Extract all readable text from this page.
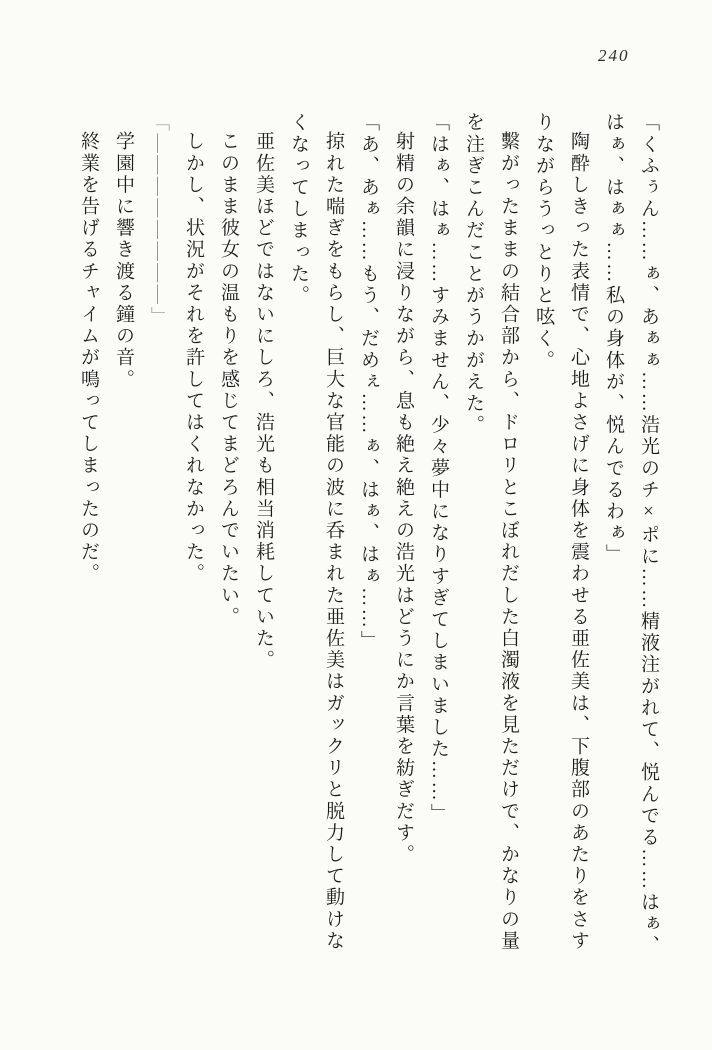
240

「くふぅん……ぁ、あぁぁ……浩光のチ×ポに……精液注がれて、悦んでる……はぁ、はぁ、はぁぁ……私の身体が、悦んでるわぁ」

陶酔しきった表情で、心地よさげに身体を震わせる亜佐美は、下腹部のあたりをさすりながらうっとりと呟く。

繫がったままの結合部から、ドロリとこぼれだした白濁液を見ただけで、かなりの量を注ぎこんだことがうかがえた。

「はぁ、はぁ……すみません、少々夢中になりすぎてしまいました……」

射精の余韻に浸りながら、息も絶え絶えの浩光はどうにか言葉を紡ぎだす。

「あ、あぁ……もう、だめぇ……ぁ、はぁ、はぁ……」

掠れた喘ぎをもらし、巨大な官能の波に呑まれた亜佐美はガックリと脱力して動けなくなってしまった。

亜佐美ほどではないにしろ、浩光も相当消耗していた。

このまま彼女の温もりを感じてまどろんでいたい。

しかし、状況がそれを許してはくれなかった。

「――――――――」

学園中に響き渡る鐘の音。

終業を告げるチャイムが鳴ってしまったのだ。
